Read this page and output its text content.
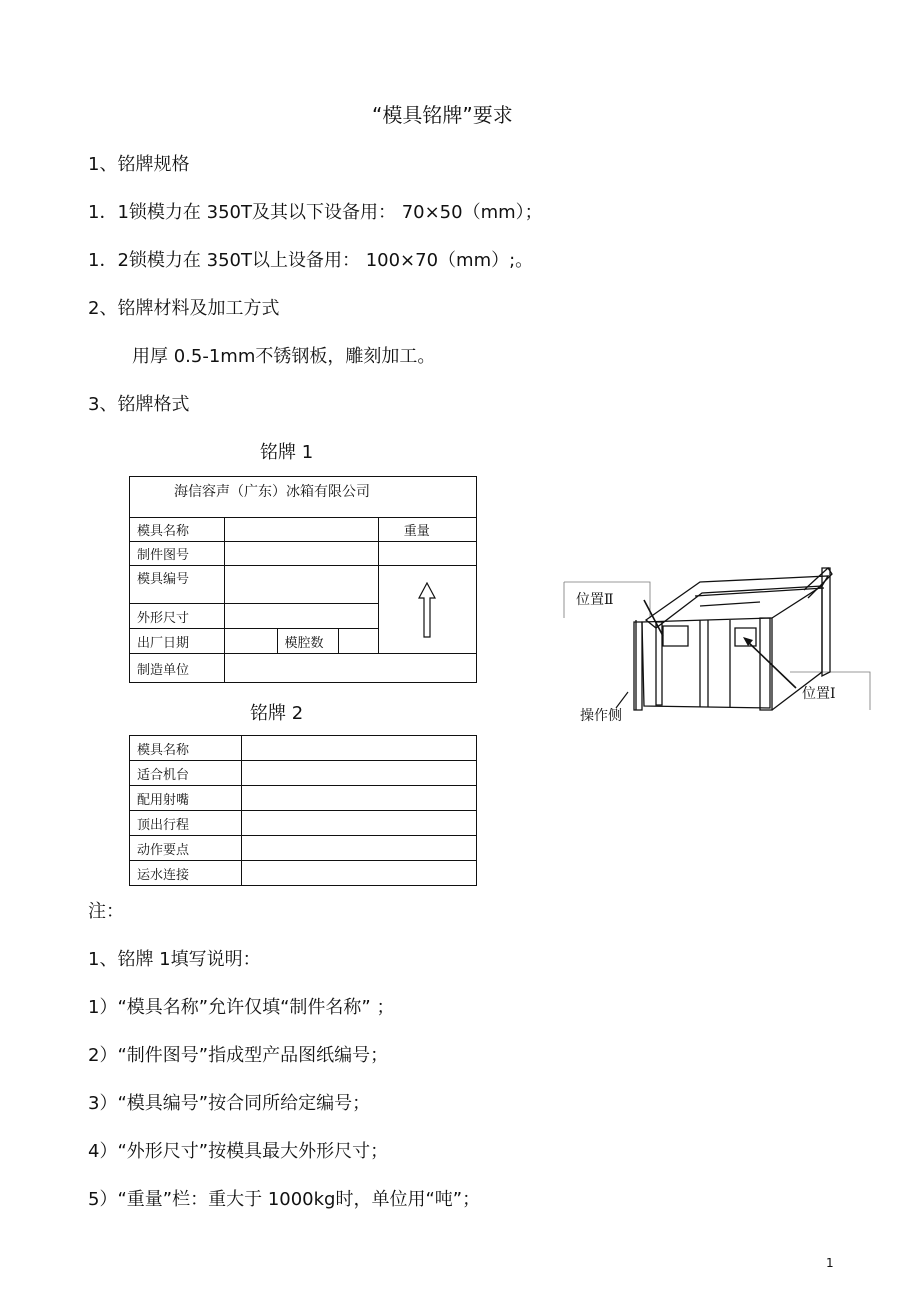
“模具铭牌”要求
1、铭牌规格
1．1锁模力在 350T及其以下设备用： 70×50（mm）；
1．2锁模力在 350T以上设备用： 100×70（mm）;。
2、铭牌材料及加工方式
用厚 0.5-1mm不锈钢板，雕刻加工。
3、铭牌格式
铭牌 1
海信容声（广东）冰箱有限公司				
模具名称				重量
制件图号				
模具编号		

外形尺寸				
出厂日期		模腔数		
制造单位				
铭牌 2
模具名称	
适合机台	
配用射嘴	
顶出行程	
动作要点	
运水连接	
位置Ⅱ
位置Ⅰ
操作侧
注：
1、铭牌 1填写说明：
1）“模具名称”允许仅填“制件名称” ；
2）“制件图号”指成型产品图纸编号；
3）“模具编号”按合同所给定编号；
4）“外形尺寸”按模具最大外形尺寸；
5）“重量”栏：重大于 1000kg时，单位用“吨”；
1
